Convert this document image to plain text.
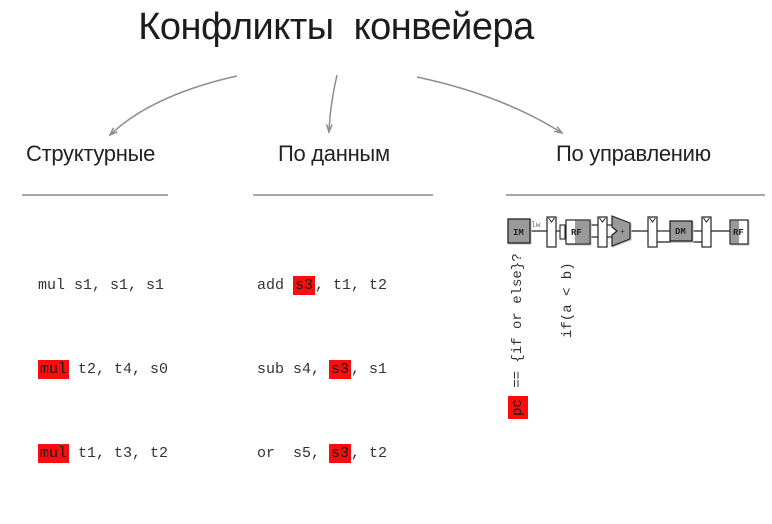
Конфликты конвейера
Структурные	По данным	По управлению

mul s1, s1, s1

mul t2, t4, s0

mul t1, t3, t2

add s3 , t1, t2

sub s4, s3 , s1

or  s5, s3 , t2

IM
lw
RF	+	DM	RF
pc == {if or else}? if(a < b)
